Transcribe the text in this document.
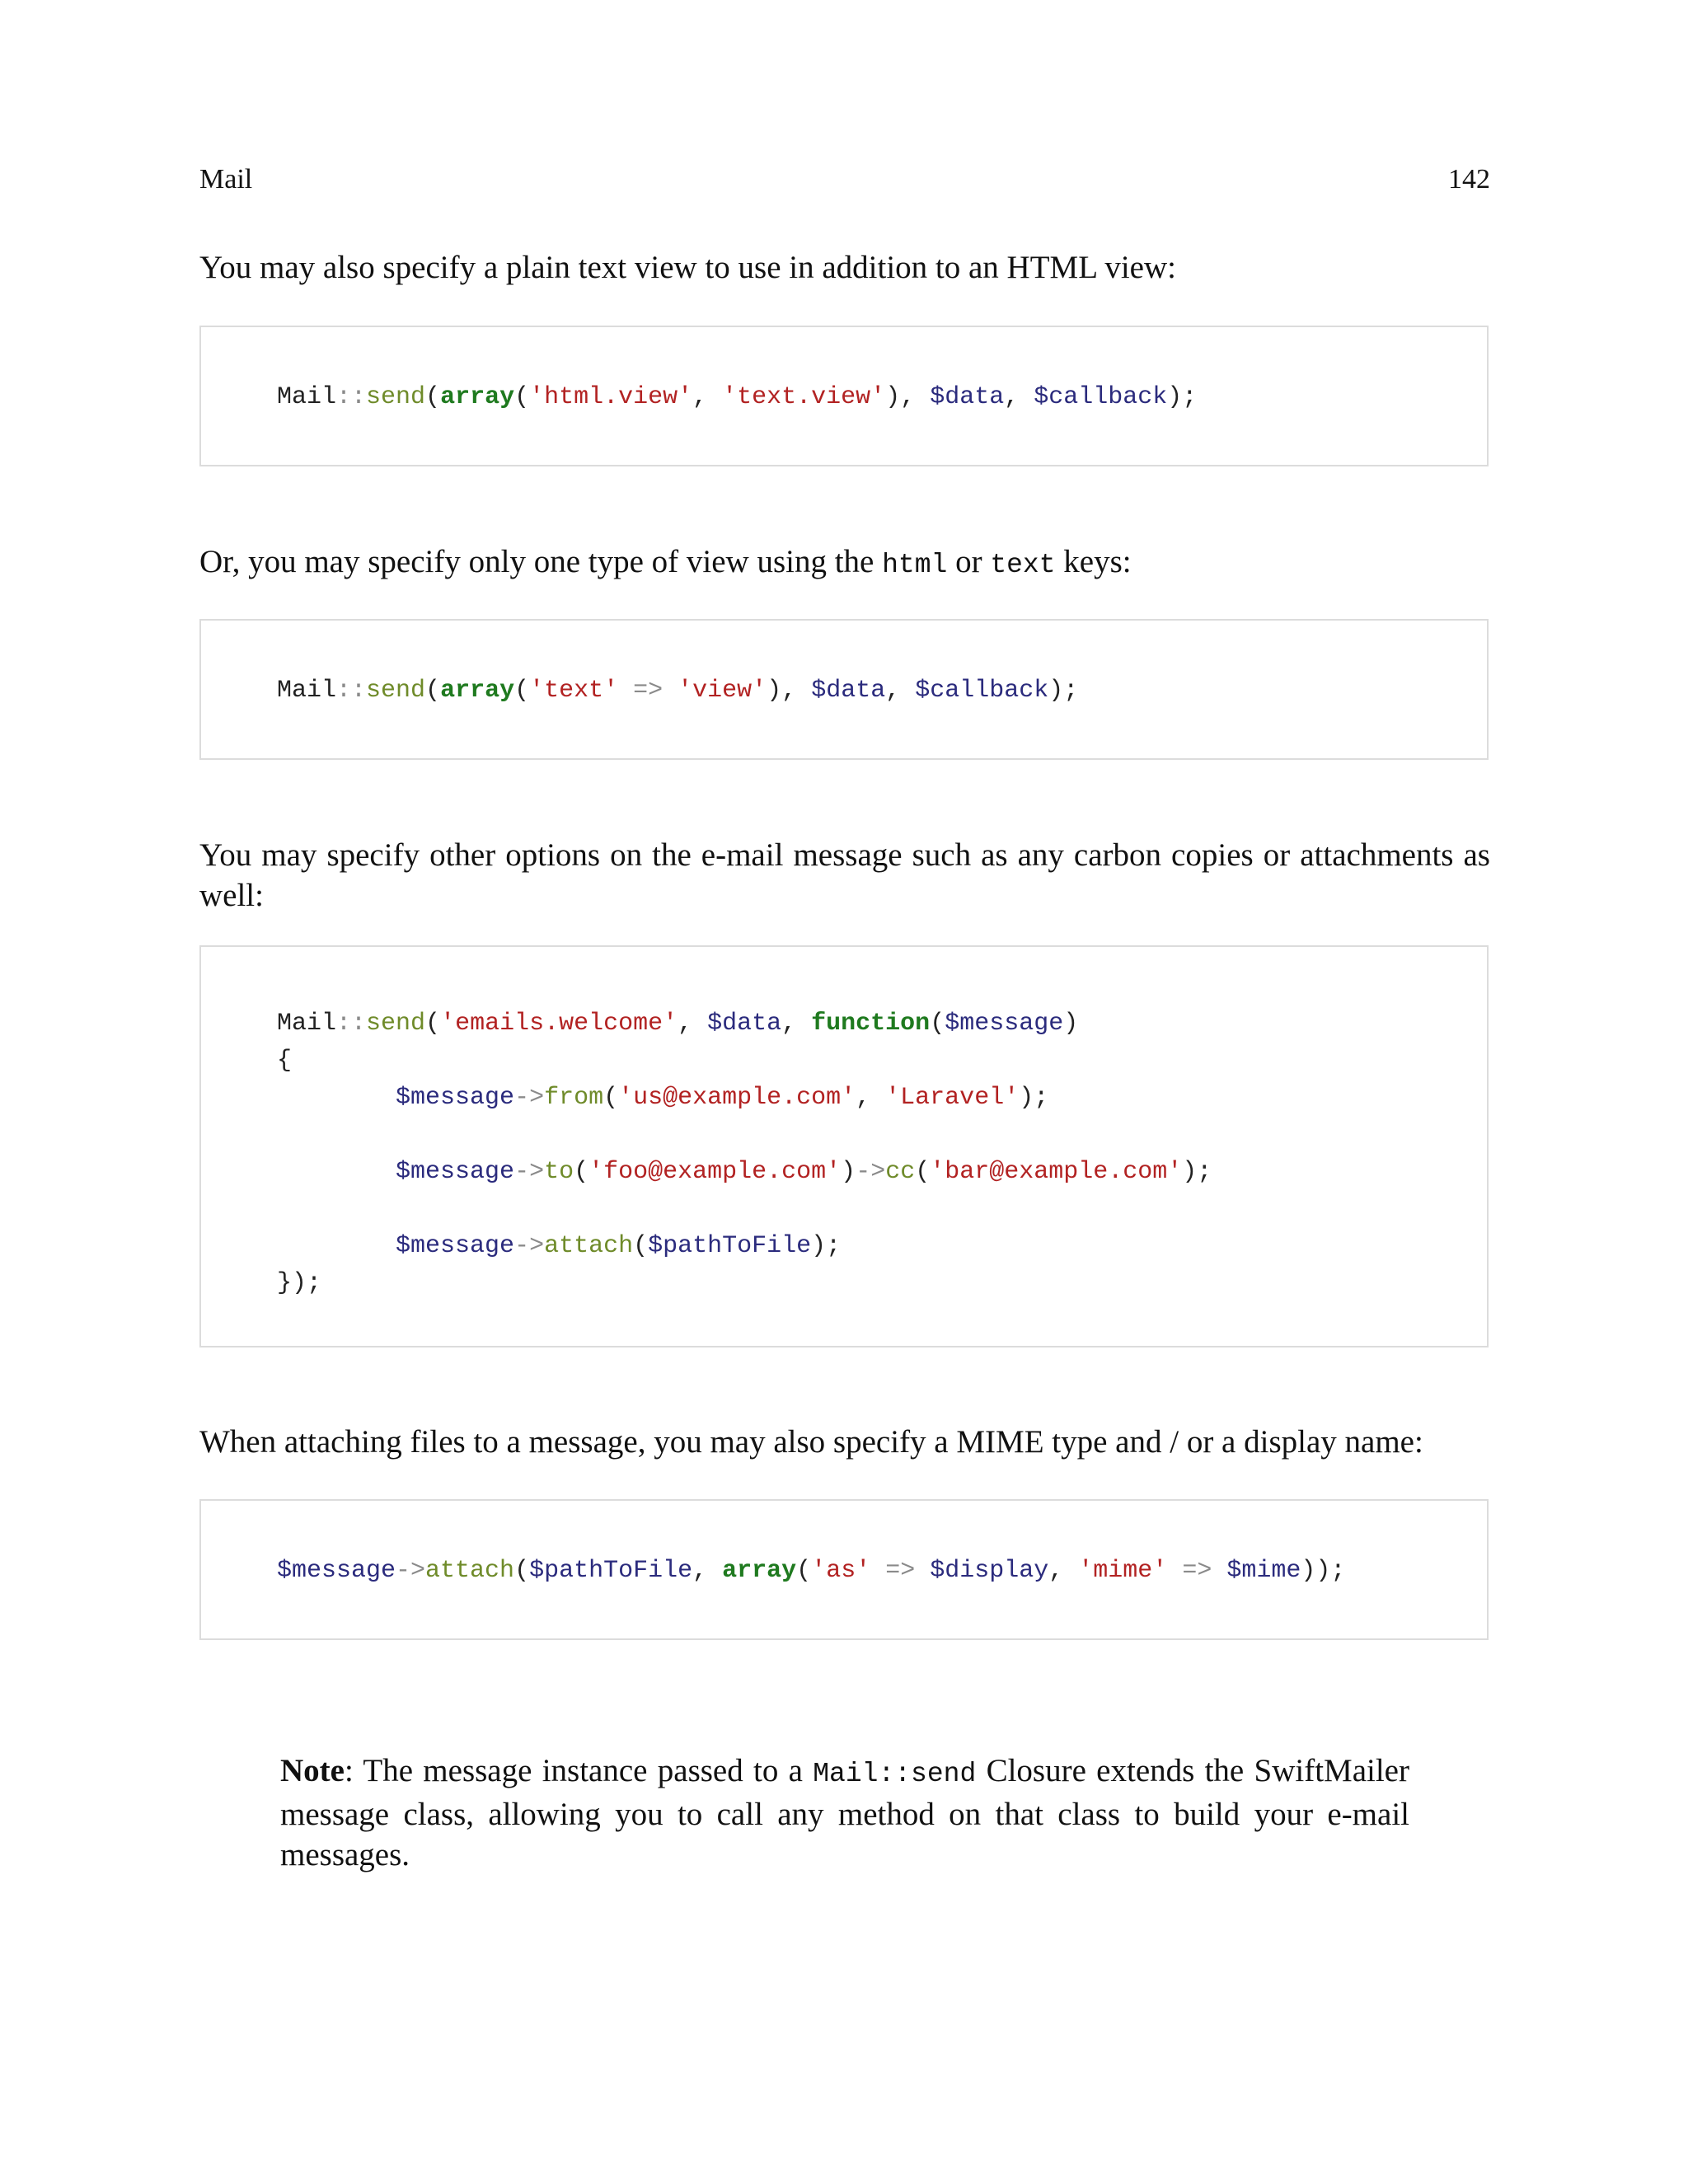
Mail	142

You may also specify a plain text view to use in addition to an HTML view:

Mail::send(array('html.view', 'text.view'), $data, $callback);

Or, you may specify only one type of view using the html or text keys:

Mail::send(array('text' => 'view'), $data, $callback);

You may specify other options on the e-mail message such as any carbon copies or attachments as well:

Mail::send('emails.welcome', $data, function($message)
{
$message->from('us@example.com', 'Laravel');

$message->to('foo@example.com')->cc('bar@example.com');

$message->attach($pathToFile);
});

When attaching files to a message, you may also specify a MIME type and / or a display name:

$message->attach($pathToFile, array('as' => $display, 'mime' => $mime));

Note: The message instance passed to a Mail::send Closure extends the SwiftMailer message class, allowing you to call any method on that class to build your e-mail messages.
